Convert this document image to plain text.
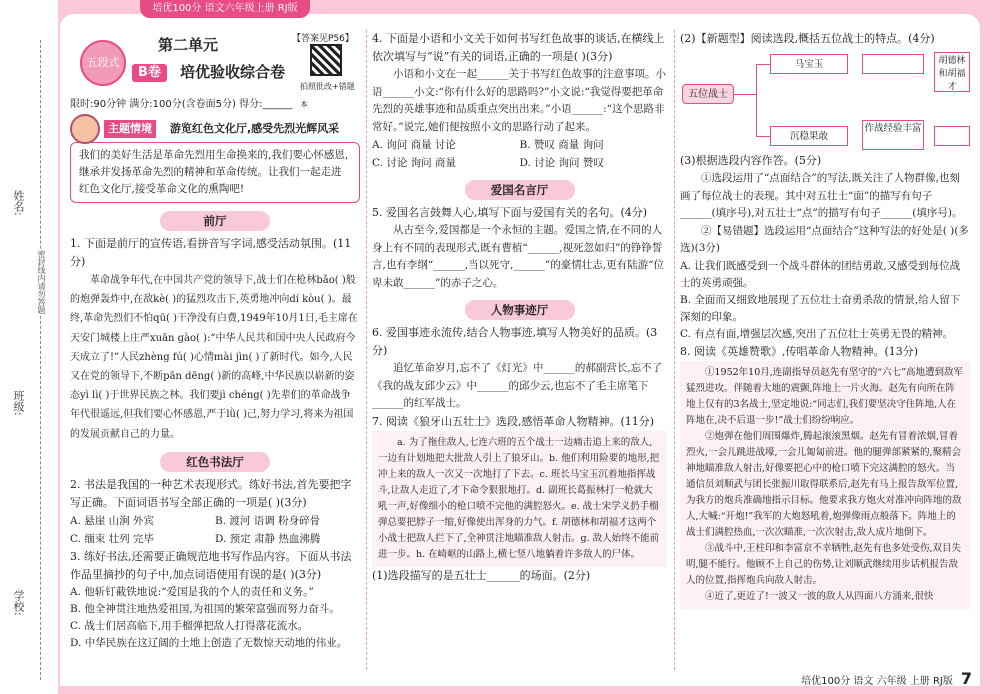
培优100分 语文六年级上册 RJ版
姓名:
班级:
学校:
密封线内请勿答题
五段式
第二单元
B卷	培优验收综合卷
【答案见P56】
拍照批改+错题本
限时:90分钟 满分:100分(含卷面5分) 得分:______
主题情境	游览红色文化厅,感受先烈光辉风采
我们的美好生活是革命先烈用生命换来的,我们要心怀感恩,继承并发扬革命先烈的精神和革命传统。让我们一起走进红色文化厅,接受革命文化的熏陶吧!
前厅
1. 下面是前厅的宣传语,看拼音写字词,感受活动氛围。(11分)
革命战争年代,在中国共产党的领导下,战士们在枪林bǎo( )般的炮弹轰炸中,在敌kè( )的猛烈攻击下,英勇地冲向dí kòu( )。最终,革命先烈们不怕qū( )干净没有白费,1949年10月1日,毛主席在天安门城楼上庄严xuān gào( ):“中华人民共和国中央人民政府今天成立了!”人民zhèng fú( )心情mài jìn( )了新时代。如今,人民又在党的领导下,不断pān dēng( )新的高峰,中华民族以崭新的姿态yì lì( )于世界民族之林。我们要jì chéng( )先辈们的革命战争年代很遥远,但我们要心怀感恩,严于lǜ( )己,努力学习,将来为祖国的发展贡献自己的力量。
红色书法厅
2. 书法是我国的一种艺术表现形式。练好书法,首先要把字写正确。下面词语书写全部正确的一项是( )(3分)
A. 悬崖 山涧 外宾	B. 渡河 语调 粉身碎骨
C. 缅束 壮列 完毕	D. 预定 肃静 热血沸腾
3. 练好书法,还需要正确规范地书写作品内容。下面从书法作品里摘抄的句子中,加点词语使用有误的是( )(3分)
A. 他斩钉截铁地说:“爱国是我的个人的责任和义务。”
B. 他全神贯注地热爱祖国,为祖国的繁荣富强而努力奋斗。
C. 战士们居高临下,用手榴弹把敌人打得落花流水。
D. 中华民族在这辽阔的土地上创造了无数惊天动地的伟业。
4. 下面是小语和小文关于如何书写红色故事的谈话,在横线上依次填写与“说”有关的词语,正确的一项是( )(3分)
小语和小文在一起______关于书写红色故事的注意事项。小语______小文:“你有什么好的思路吗?”小文说:“我觉得要把革命先烈的英雄事迹和品质重点突出出来。”小语______:“这个思路非常好。”说完,她们便按照小文的思路行动了起来。
A. 询问 商量 讨论	B. 赞叹 商量 询问
C. 讨论 询问 商量	D. 讨论 询问 赞叹
爱国名言厅
5. 爱国名言鼓舞人心,填写下面与爱国有关的名句。(4分)
从古至今,爱国都是一个永恒的主题。爱国之情,在不同的人身上有不同的表现形式,既有曹植“______,视死忽如归”的铮铮誓言,也有李纲“______,当以死守,______”的豪情壮志,更有陆游“位卑未敢______”的赤子之心。
人物事迹厅
6. 爱国事迹永流传,结合人物事迹,填写人物美好的品质。(3分)
追忆革命岁月,忘不了《灯光》中______的郝副营长,忘不了《我的战友邱少云》中______的邱少云,也忘不了毛主席笔下______的红军战士。
7. 阅读《狼牙山五壮士》选段,感悟革命人物精神。(11分)
a. 为了拖住敌人,七连六班的五个战士一边痛击追上来的敌人,一边有计划地把大批敌人引上了狼牙山。b. 他们利用险要的地形,把冲上来的敌人一次又一次地打了下去。c. 班长马宝玉沉着地指挥战斗,让敌人走近了,才下命令狠狠地打。d. 副班长葛振林打一枪就大吼一声,好像细小的枪口喷不完他的满腔怒火。e. 战士宋学义扔手榴弹总要把脖子一缩,好像使出浑身的力气。f. 胡德林和胡福才这两个小战士把敌人拦下了,全神贯注地瞄准敌人射击。g. 敌人始终不能前进一步。h. 在崎岖的山路上,横七竖八地躺着许多敌人的尸体。
(1)选段描写的是五壮士______的场面。(2分)
(2)【新题型】阅读选段,概括五位战士的特点。(4分)
五位战士
马宝玉	胡德林和胡福才
沉稳果敢
作战经验丰富
(3)根据选段内容作答。(5分)
①选段运用了“点面结合”的写法,既关注了人物群像,也刻画了每位战士的表现。其中对五壮士“面”的描写有句子______(填序号),对五壮士“点”的描写有句子______(填序号)。
②【易错题】选段运用“点面结合”这种写法的好处是( )(多选)(3分)
A. 让我们既感受到一个战斗群体的团结勇敢,又感受到每位战士的英勇顽强。
B. 全面而又细致地展现了五位壮士奋勇杀敌的情景,给人留下深刻的印象。
C. 有点有面,增强层次感,突出了五位壮士英勇无畏的精神。
8. 阅读《英雄赞歌》,传唱革命人物精神。(13分)
①1952年10月,连副指导员赵先有坚守的“六七”高地遭到敌军猛烈进攻。伴随着大地的震颤,阵地上一片火海。赵先有向所在阵地上仅有的3名战士,坚定地说:“同志们,我们要坚决守住阵地,人在阵地在,决不后退一步!”战士们纷纷响应。
②炮弹在他们周围爆炸,腾起滚滚黑烟。赵先有冒着浓烟,冒着烈火,一会儿跳进战壕,一会儿匍匐前进。他的腿弹部紧紧的,聚精会神地瞄准敌人射击,好像要把心中的枪口喷下完这满腔的怒火。当通信员刘顺武与团长张振川取得联系后,赵先有马上报告敌军位置,为我方的炮兵准确地指示目标。他要求我方炮火对准冲向阵地的敌人,大喊:“开炮!”我军的大炮怒吼着,炮弹像雨点般落下。阵地上的战士们满腔热血,一次次瞄准,一次次射击,敌人成片地倒下。
③战斗中,王柱印和李富京不幸牺牲,赵先有也多处受伤,双目失明,腿不能行。他顾不上自己的伤势,让刘顺武继续用步话机报告敌人的位置,指挥炮兵向敌人射击。
④近了,更近了!一波又一波的敌人从四面八方涌来,很快
培优100分 语文 六年级 上册 RJ版 7
